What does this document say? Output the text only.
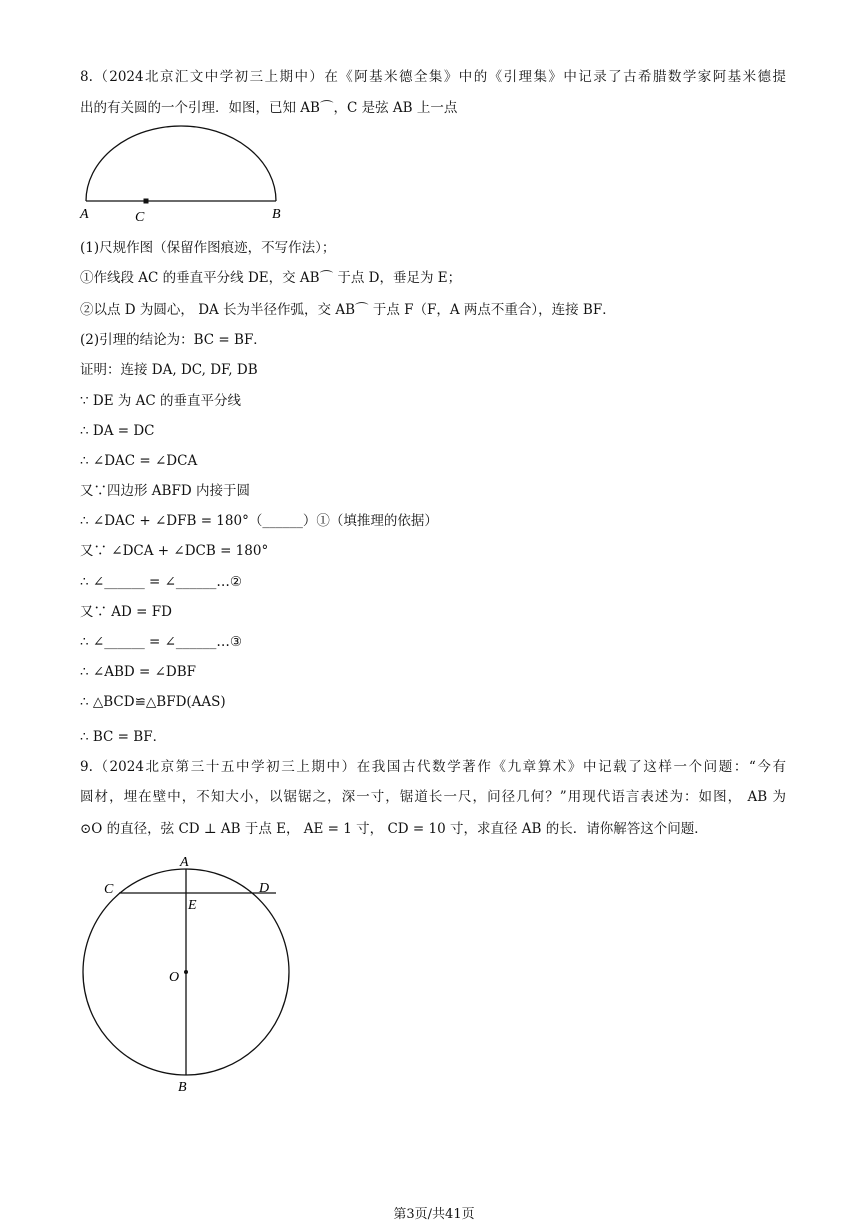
8.（2024北京汇文中学初三上期中）在《阿基米德全集》中的《引理集》中记录了古希腊数学家阿基米德提
出的有关圆的一个引理．如图，已知 AB⌒，C 是弦 AB 上一点
A	C	B
(1)尺规作图（保留作图痕迹，不写作法）；
①作线段 AC 的垂直平分线 DE，交 AB⌒ 于点 D，垂足为 E；
②以点 D 为圆心， DA 长为半径作弧，交 AB⌒ 于点 F（F，A 两点不重合），连接 BF．
(2)引理的结论为：BC = BF．
证明：连接 DA, DC, DF, DB
∵ DE 为 AC 的垂直平分线
∴ DA = DC
∴ ∠DAC = ∠DCA
又∵四边形 ABFD 内接于圆
∴ ∠DAC + ∠DFB = 180°（______）①（填推理的依据）
又∵ ∠DCA + ∠DCB = 180°
∴ ∠______ = ∠______…②
又∵ AD = FD
∴ ∠______ = ∠______…③
∴ ∠ABD = ∠DBF
∴ △BCD≌△BFD(AAS)
∴ BC = BF．
9.（2024北京第三十五中学初三上期中）在我国古代数学著作《九章算术》中记载了这样一个问题：“今有
圆材，埋在壁中，不知大小，以锯锯之，深一寸，锯道长一尺，问径几何？”用现代语言表述为：如图， AB 为
⊙O 的直径，弦 CD ⊥ AB 于点 E， AE = 1 寸， CD = 10 寸，求直径 AB 的长．请你解答这个问题．
A
C	D
E
O
B
第3页/共41页
